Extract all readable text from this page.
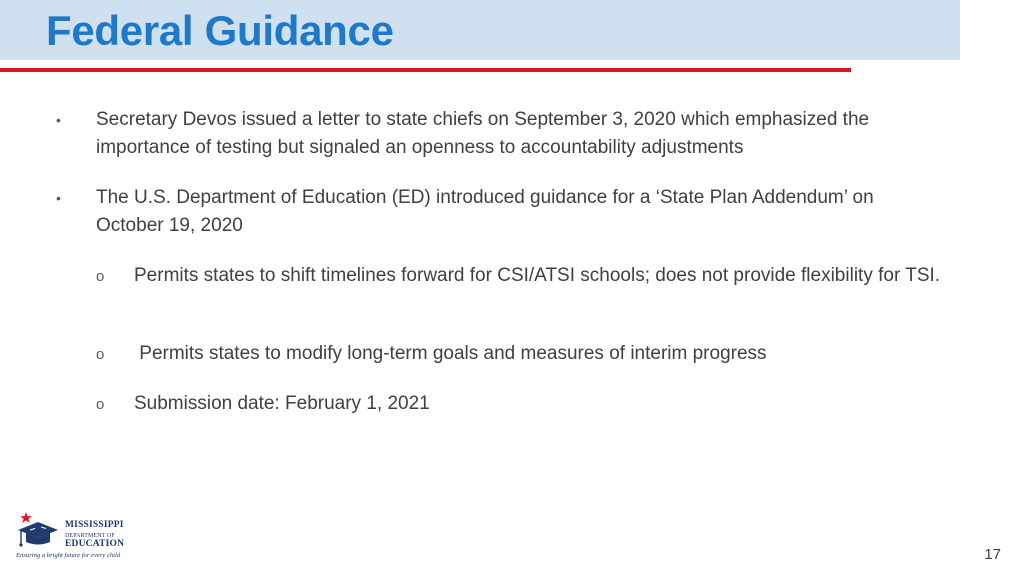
Federal Guidance
• Secretary Devos issued a letter to state chiefs on September 3, 2020 which emphasized the importance of testing but signaled an openness to accountability adjustments
• The U.S. Department of Education (ED) introduced guidance for a ‘State Plan Addendum’ on October 19, 2020
o Permits states to shift timelines forward for CSI/ATSI schools; does not provide flexibility for TSI.
o Permits states to modify long-term goals and measures of interim progress
o Submission date: February 1, 2021
MISSISSIPPI
DEPARTMENT OF
EDUCATION
Ensuring a bright future for every child	17
